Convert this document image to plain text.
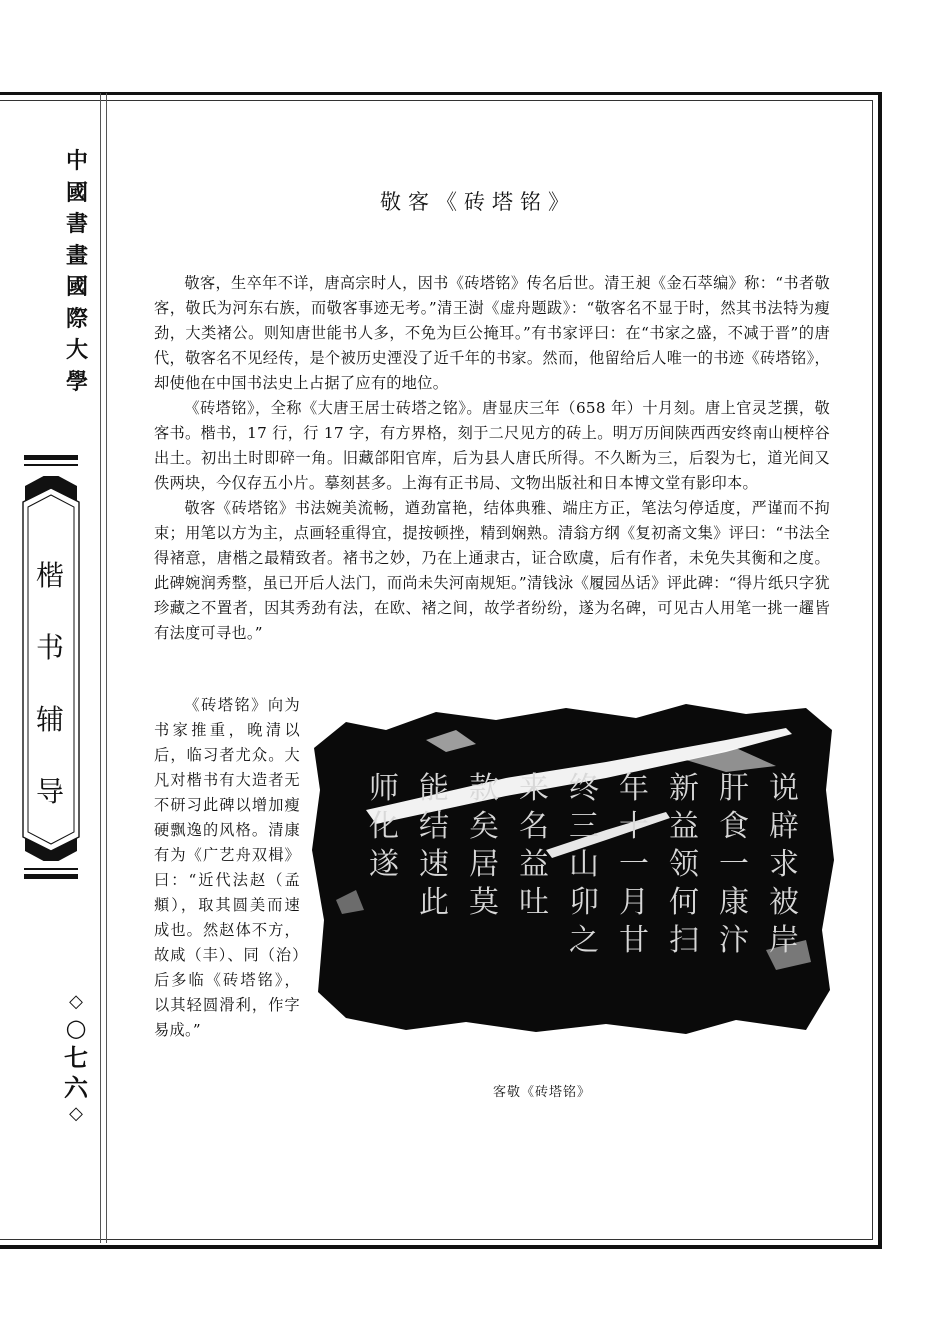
中國書畫國際大學
楷书辅导
◇
○七六
◇
敬客《砖塔铭》

敬客，生卒年不详，唐高宗时人，因书《砖塔铭》传名后世。清王昶《金石萃编》称：“书者敬客，敬氏为河东右族，而敬客事迹无考。”清王澍《虚舟题跋》：“敬客名不显于时，然其书法特为瘦劲，大类褚公。则知唐世能书人多，不免为巨公掩耳。”有书家评曰：在“书家之盛，不减于晋”的唐代，敬客名不见经传，是个被历史湮没了近千年的书家。然而，他留给后人唯一的书迹《砖塔铭》，却使他在中国书法史上占据了应有的地位。

《砖塔铭》，全称《大唐王居士砖塔之铭》。唐显庆三年（658 年）十月刻。唐上官灵芝撰，敬客书。楷书，17 行，行 17 字，有方界格，刻于二尺见方的砖上。明万历间陕西西安终南山梗梓谷出土。初出土时即碎一角。旧藏郃阳官库，后为县人唐氏所得。不久断为三，后裂为七，道光间又佚两块，今仅存五小片。摹刻甚多。上海有正书局、文物出版社和日本博文堂有影印本。

敬客《砖塔铭》书法婉美流畅，遒劲富艳，结体典雅、端庄方正，笔法匀停适度，严谨而不拘束；用笔以方为主，点画轻重得宜，提按顿挫，精到娴熟。清翁方纲《复初斋文集》评曰：“书法全得褚意，唐楷之最精致者。褚书之妙，乃在上通隶古，证合欧虞，后有作者，未免失其衡和之度。此碑婉润秀整，虽已开后人法门，而尚未失河南规矩。”清钱泳《履园丛话》评此碑：“得片纸只字犹珍藏之不置者，因其秀劲有法，在欧、褚之间，故学者纷纷，遂为名碑，可见古人用笔一挑一趯皆有法度可寻也。”

《砖塔铭》向为书家推重，晚清以后，临习者尤众。大凡对楷书有大造者无不研习此碑以增加瘦硬飘逸的风格。清康有为《广艺舟双楫》曰：“近代法赵（孟頫），取其圆美而速成也。然赵体不方，故咸（丰）、同（治）后多临《砖塔铭》，以其轻圆滑利，作字易成。”

说
辟
求
被
岸
肝
食
一
康
汴
新
益
领
何
扫
年
十
一
月
甘
终
三
山
卯
之
来
名
益
吐
款
矣
居
莫
能
结
速
此
师
化
遂
客敬《砖塔铭》
